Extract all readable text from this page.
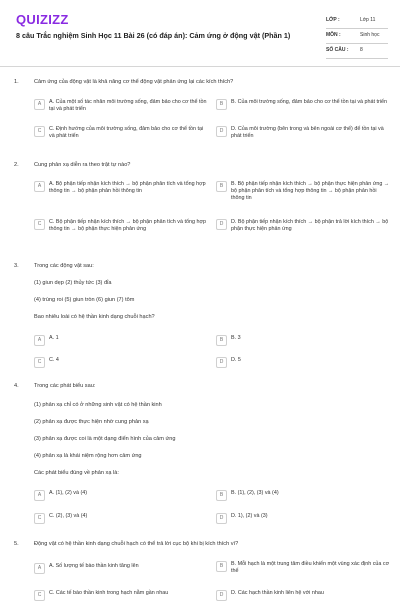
QUIZIZZ
8 câu Trắc nghiệm Sinh Học 11 Bài 26 (có đáp án): Cảm ứng ở động vật (Phần 1)
LỚP :	Lớp 11
MÔN :	Sinh học
SỐ CÂU : 8
1.	Cảm ứng của động vật là khả năng cơ thể động vật phản ứng lại các kích thích?
A	A. Của một số tác nhân môi trường sống, đảm bảo cho cơ thể tồn tại và phát triển
B	B. Của môi trường sống, đảm bảo cho cơ thể tồn tại và phát triển
C	C. Định hướng của môi trường sống, đảm bảo cho cơ thể tồn tại và phát triển
D	D. Của môi trường (bên trong và bên ngoài cơ thể) để tồn tại và phát triển
2.	Cung phản xạ diễn ra theo trật tự nào?
A	A. Bộ phận tiếp nhận kích thích → bộ phận phân tích và tổng hợp thông tin → bộ phận phản hồi thông tin
B	B. Bộ phận tiếp nhận kích thích → bộ phận thực hiện phản ứng → bộ phận phân tích và tổng hợp thông tin → bộ phận phản hồi thông tin
C	C. Bộ phận tiếp nhận kích thích → bộ phận phân tích và tổng hợp thông tin → bộ phận thực hiện phản ứng
D	D. Bộ phận tiếp nhận kích thích → bộ phận trả lời kích thích → bộ phận thực hiện phản ứng
3.	Trong các động vật sau:
(1) giun dẹp (2) thủy tức (3) đỉa
(4) trùng roi (5) giun tròn (6) giun (7) tôm
Bao nhiêu loài có hệ thần kinh dạng chuỗi hạch?
A	A. 1	B	B. 3
C	C. 4	D	D. 5
4.	Trong các phát biểu sau:
(1) phản xạ chỉ có ở những sinh vật có hệ thần kinh
(2) phản xạ được thực hiện nhờ cung phản xạ
(3) phản xạ được coi là một dạng điển hình của cảm ứng
(4) phản xạ là khái niệm rộng hơn cảm ứng
Các phát biểu đúng về phản xạ là:
A	A. (1), (2) và (4)	B	B. (1), (2), (3) và (4)
C	C. (2), (3) và (4)	D	D. 1), (2) và (3)
5.	Động vật có hệ thần kinh dạng chuỗi hạch có thể trả lời cục bộ khi bị kích thích vì?
A	A. Số lượng tế bào thần kinh tăng lên	B	B. Mỗi hạch là một trung tâm điều khiển một vùng xác định của cơ thể
C	C. Các tế bào thần kinh trong hạch nằm gần nhau	D	D. Các hạch thần kinh liên hệ với nhau
